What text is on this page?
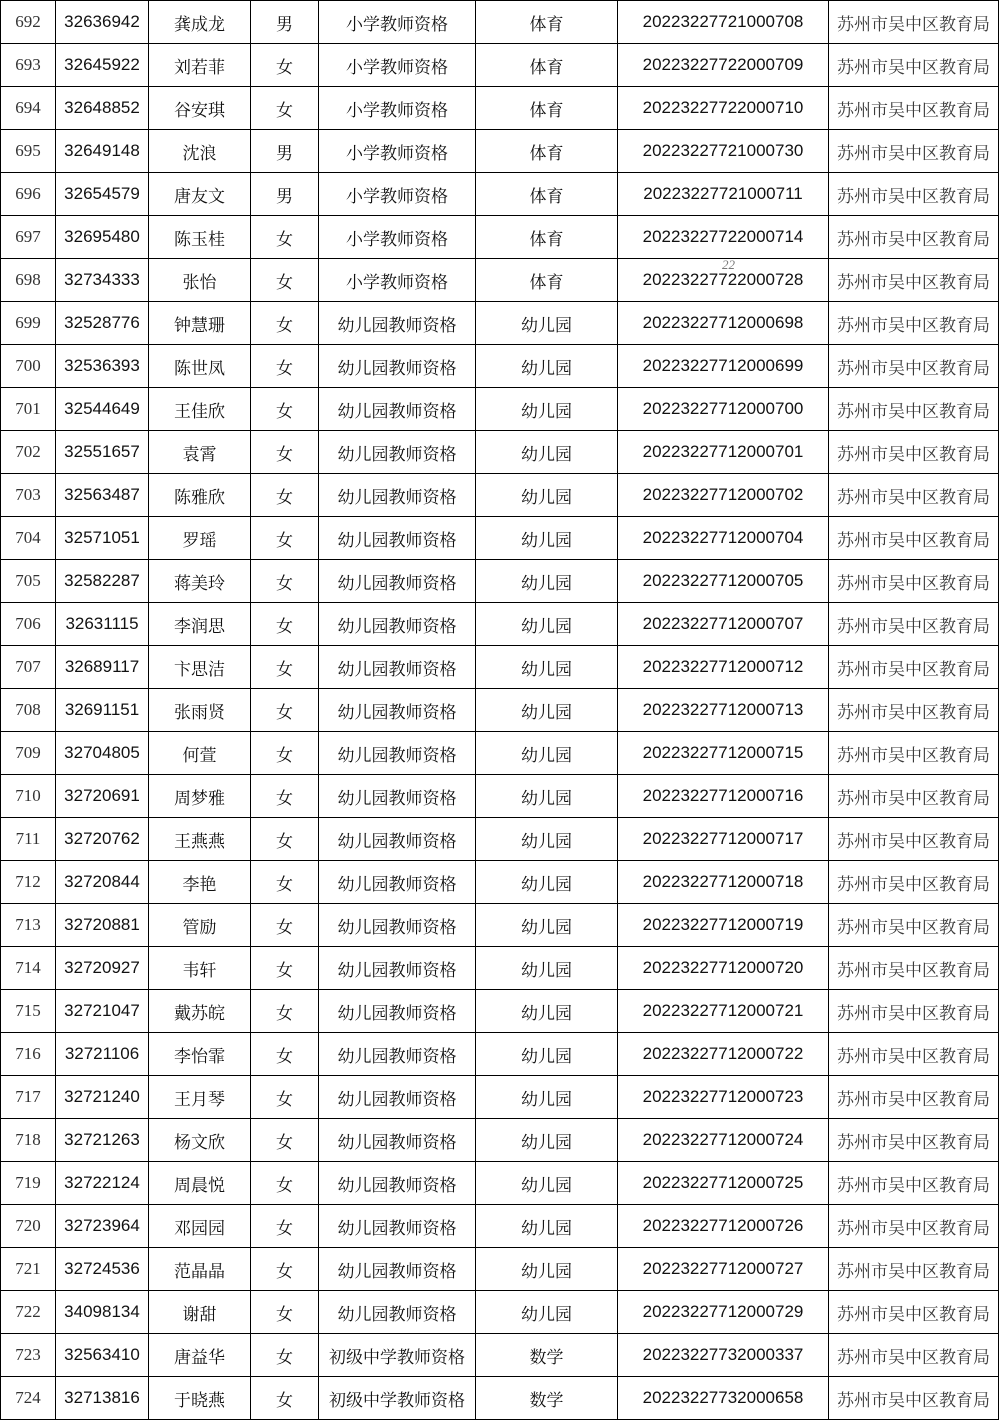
692	32636942	龚成龙	男	小学教师资格	体育	20223227721000708	苏州市吴中区教育局
693	32645922	刘若菲	女	小学教师资格	体育	20223227722000709	苏州市吴中区教育局
694	32648852	谷安琪	女	小学教师资格	体育	20223227722000710	苏州市吴中区教育局
695	32649148	沈浪	男	小学教师资格	体育	20223227721000730	苏州市吴中区教育局
696	32654579	唐友文	男	小学教师资格	体育	20223227721000711	苏州市吴中区教育局
697	32695480	陈玉桂	女	小学教师资格	体育	20223227722000714	苏州市吴中区教育局
698	32734333	张怡	女	小学教师资格	体育	20223227722000728	苏州市吴中区教育局
699	32528776	钟慧珊	女	幼儿园教师资格	幼儿园	20223227712000698	苏州市吴中区教育局
700	32536393	陈世凤	女	幼儿园教师资格	幼儿园	20223227712000699	苏州市吴中区教育局
701	32544649	王佳欣	女	幼儿园教师资格	幼儿园	20223227712000700	苏州市吴中区教育局
702	32551657	袁霄	女	幼儿园教师资格	幼儿园	20223227712000701	苏州市吴中区教育局
703	32563487	陈雅欣	女	幼儿园教师资格	幼儿园	20223227712000702	苏州市吴中区教育局
704	32571051	罗瑶	女	幼儿园教师资格	幼儿园	20223227712000704	苏州市吴中区教育局
705	32582287	蒋美玲	女	幼儿园教师资格	幼儿园	20223227712000705	苏州市吴中区教育局
706	32631115	李润思	女	幼儿园教师资格	幼儿园	20223227712000707	苏州市吴中区教育局
707	32689117	卞思洁	女	幼儿园教师资格	幼儿园	20223227712000712	苏州市吴中区教育局
708	32691151	张雨贤	女	幼儿园教师资格	幼儿园	20223227712000713	苏州市吴中区教育局
709	32704805	何萱	女	幼儿园教师资格	幼儿园	20223227712000715	苏州市吴中区教育局
710	32720691	周梦雅	女	幼儿园教师资格	幼儿园	20223227712000716	苏州市吴中区教育局
711	32720762	王燕燕	女	幼儿园教师资格	幼儿园	20223227712000717	苏州市吴中区教育局
712	32720844	李艳	女	幼儿园教师资格	幼儿园	20223227712000718	苏州市吴中区教育局
713	32720881	管励	女	幼儿园教师资格	幼儿园	20223227712000719	苏州市吴中区教育局
714	32720927	韦轩	女	幼儿园教师资格	幼儿园	20223227712000720	苏州市吴中区教育局
715	32721047	戴苏皖	女	幼儿园教师资格	幼儿园	20223227712000721	苏州市吴中区教育局
716	32721106	李怡霏	女	幼儿园教师资格	幼儿园	20223227712000722	苏州市吴中区教育局
717	32721240	王月琴	女	幼儿园教师资格	幼儿园	20223227712000723	苏州市吴中区教育局
718	32721263	杨文欣	女	幼儿园教师资格	幼儿园	20223227712000724	苏州市吴中区教育局
719	32722124	周晨悦	女	幼儿园教师资格	幼儿园	20223227712000725	苏州市吴中区教育局
720	32723964	邓园园	女	幼儿园教师资格	幼儿园	20223227712000726	苏州市吴中区教育局
721	32724536	范晶晶	女	幼儿园教师资格	幼儿园	20223227712000727	苏州市吴中区教育局
722	34098134	谢甜	女	幼儿园教师资格	幼儿园	20223227712000729	苏州市吴中区教育局
723	32563410	唐益华	女	初级中学教师资格	数学	20223227732000337	苏州市吴中区教育局
724	32713816	于晓燕	女	初级中学教师资格	数学	20223227732000658	苏州市吴中区教育局
22
